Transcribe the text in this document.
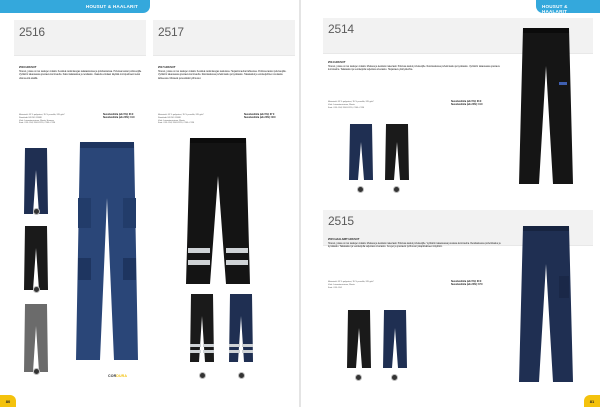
HOUSUT & HAALARIT
2516
2516 HOUSUT
Housut, joissa on iso taskujen määrä. Kestävä nailonkangas takataskuissa ja polvitaskuissa. Polvissa taskut polvisuojille. Vyötärön takaosassa joustava kuminauha. Kaksi takataskua ja reisitasku. Vaatetta voidaan käyttää monipuolisesti sekä ulkona että sisällä.
Materiaali: 65 % polyesteri, 35 % puuvilla, 245 g/m²
Standardi: EN ISO 13688
Värit: Laivastonsininen, Musta, Harmaa
Koot: C44–C64, D84–D120, C146–C156
Suositushinta (alv 0%): 33 €
Suositushinta (alv 24%): 41 €
CORDURA
2517
2517 HOUSUT
Housut, joissa on iso taskujen määrä. Kestävä nailonkangas taskuissa. Heijastinnauhat lahkeissa. Polvissa taskut polvisuojille. Vyötärön takaosassa joustava kuminauha. Reisitaskussa puhelintasku ja kynätasku. Takataskut ja vetoketjullinen sivutasku lahkeessa. Mukavat ja kestävät työhousut.
Materiaali: 65 % polyesteri, 35 % puuvilla, 245 g/m²
Standardi: EN ISO 13688
Värit: Laivastonsininen, Musta
Koot: C44–C64, D84–D120, C146–C156
Suositushinta (alv 0%): 37 €
Suositushinta (alv 24%): 46 €
80
HOUSUT & HAALARIT
2514
2514 HOUSUT
Housut, joissa on iso taskujen määrä. Mukava ja kestävä materiaali. Polvissa taskut polvisuojille. Reisitaskussa puhelintasku ja kynätasku. Vyötärön takaosassa joustava kuminauha. Takataskut ja vetoketjulla suljettava sivutasku. Heijastava yksityiskohta.
Materiaali: 65 % polyesteri, 35 % puuvilla, 245 g/m²
Värit: Laivastonsininen, Musta
Koot: C44–C64, D84–D120, C146–C156
Suositushinta (alv 0%): 33 €
Suositushinta (alv 24%): 41 €
2515
2515 HAALARIT HOUSUT
Housut, joissa on iso taskujen määrä. Mukava ja kestävä materiaali. Polvissa taskut polvisuojille. Vyötärön takaosassa joustava kuminauha. Reisitaskussa puhelintasku ja kynätasku. Takataskut ja vetoketjulla suljettava sivutasku. Kevyet ja joustavat työhousut jokapäiväiseen käyttöön.
Materiaali: 65 % polyesteri, 35 % puuvilla, 245 g/m²
Värit: Laivastonsininen, Musta
Koot: C44–C64
Suositushinta (alv 0%): 30 €
Suositushinta (alv 24%): 37 €
81
